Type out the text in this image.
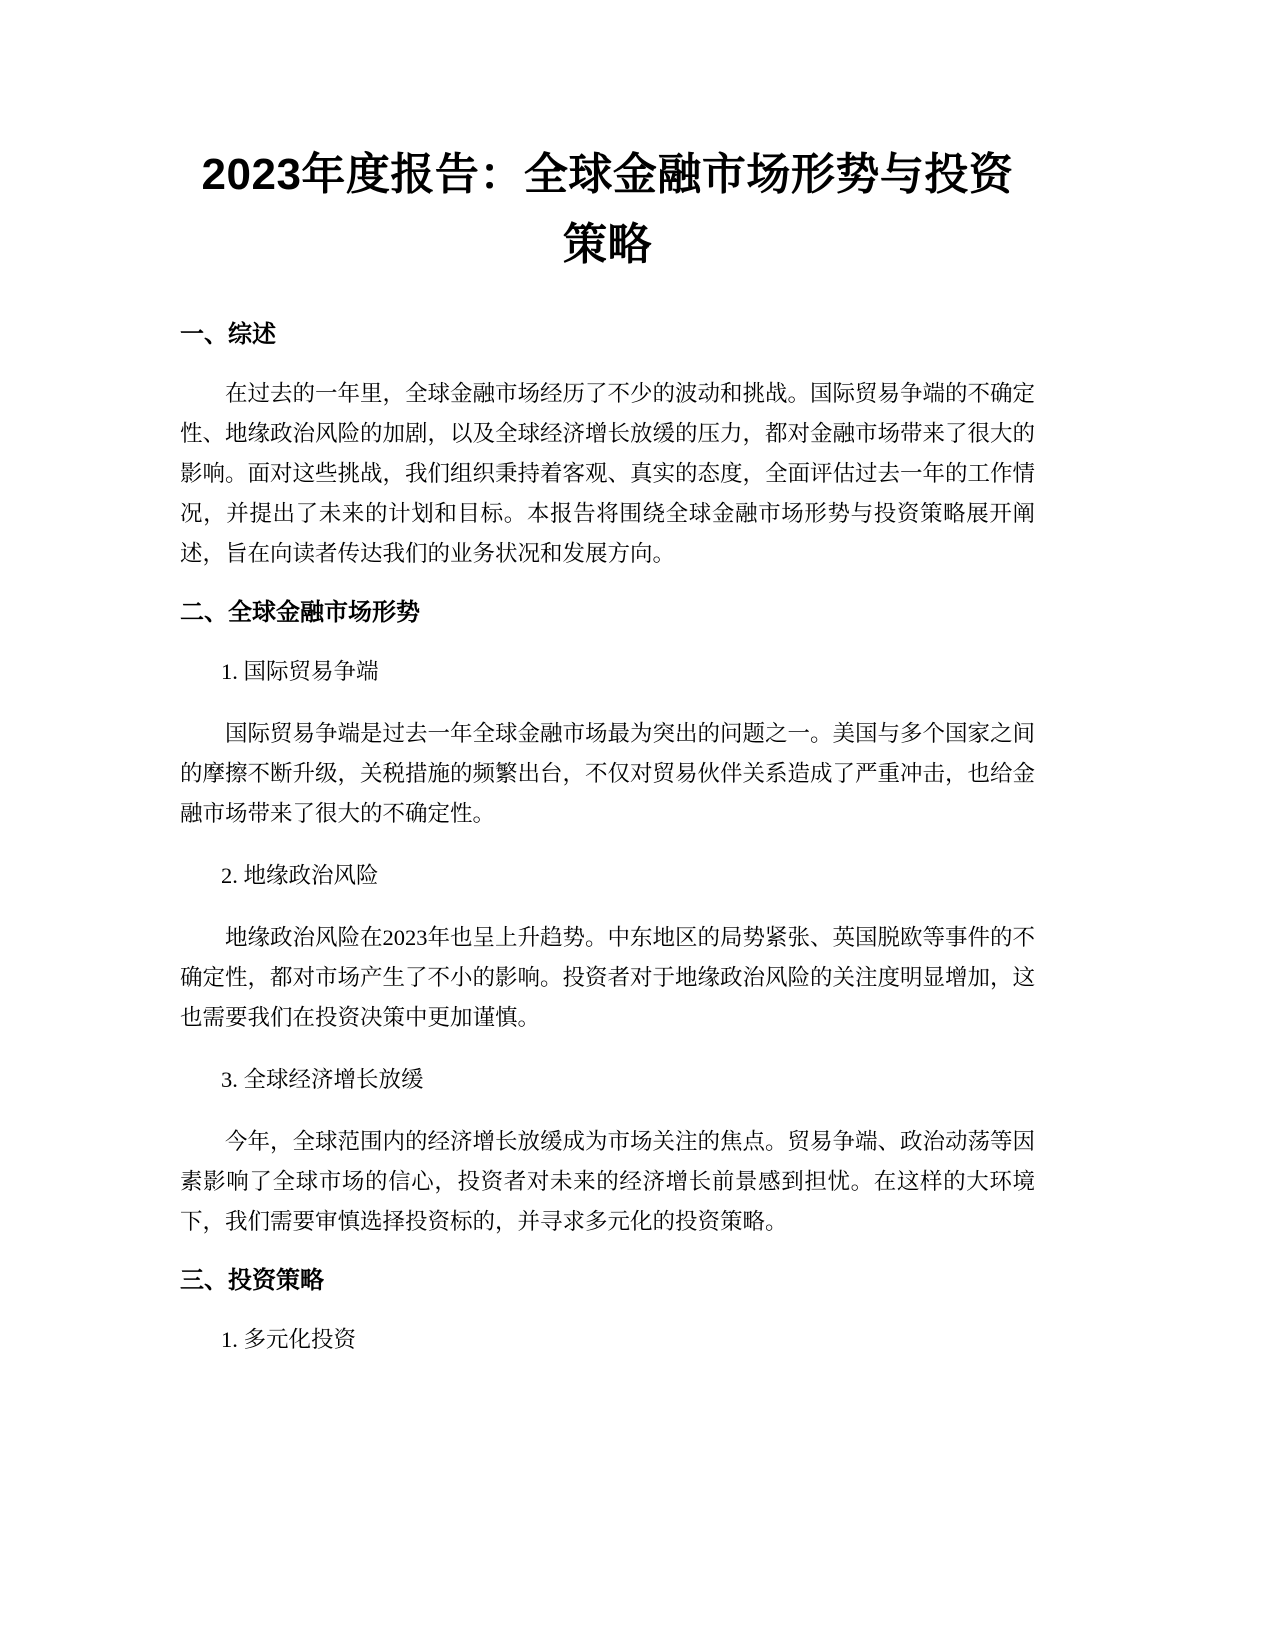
2023年度报告：全球金融市场形势与投资策略
一、综述

在过去的一年里，全球金融市场经历了不少的波动和挑战。国际贸易争端的不确定性、地缘政治风险的加剧，以及全球经济增长放缓的压力，都对金融市场带来了很大的影响。面对这些挑战，我们组织秉持着客观、真实的态度，全面评估过去一年的工作情况，并提出了未来的计划和目标。本报告将围绕全球金融市场形势与投资策略展开阐述，旨在向读者传达我们的业务状况和发展方向。

二、全球金融市场形势

1. 国际贸易争端

国际贸易争端是过去一年全球金融市场最为突出的问题之一。美国与多个国家之间的摩擦不断升级，关税措施的频繁出台，不仅对贸易伙伴关系造成了严重冲击，也给金融市场带来了很大的不确定性。

2. 地缘政治风险

地缘政治风险在2023年也呈上升趋势。中东地区的局势紧张、英国脱欧等事件的不确定性，都对市场产生了不小的影响。投资者对于地缘政治风险的关注度明显增加，这也需要我们在投资决策中更加谨慎。

3. 全球经济增长放缓

今年，全球范围内的经济增长放缓成为市场关注的焦点。贸易争端、政治动荡等因素影响了全球市场的信心，投资者对未来的经济增长前景感到担忧。在这样的大环境下，我们需要审慎选择投资标的，并寻求多元化的投资策略。

三、投资策略

1. 多元化投资
